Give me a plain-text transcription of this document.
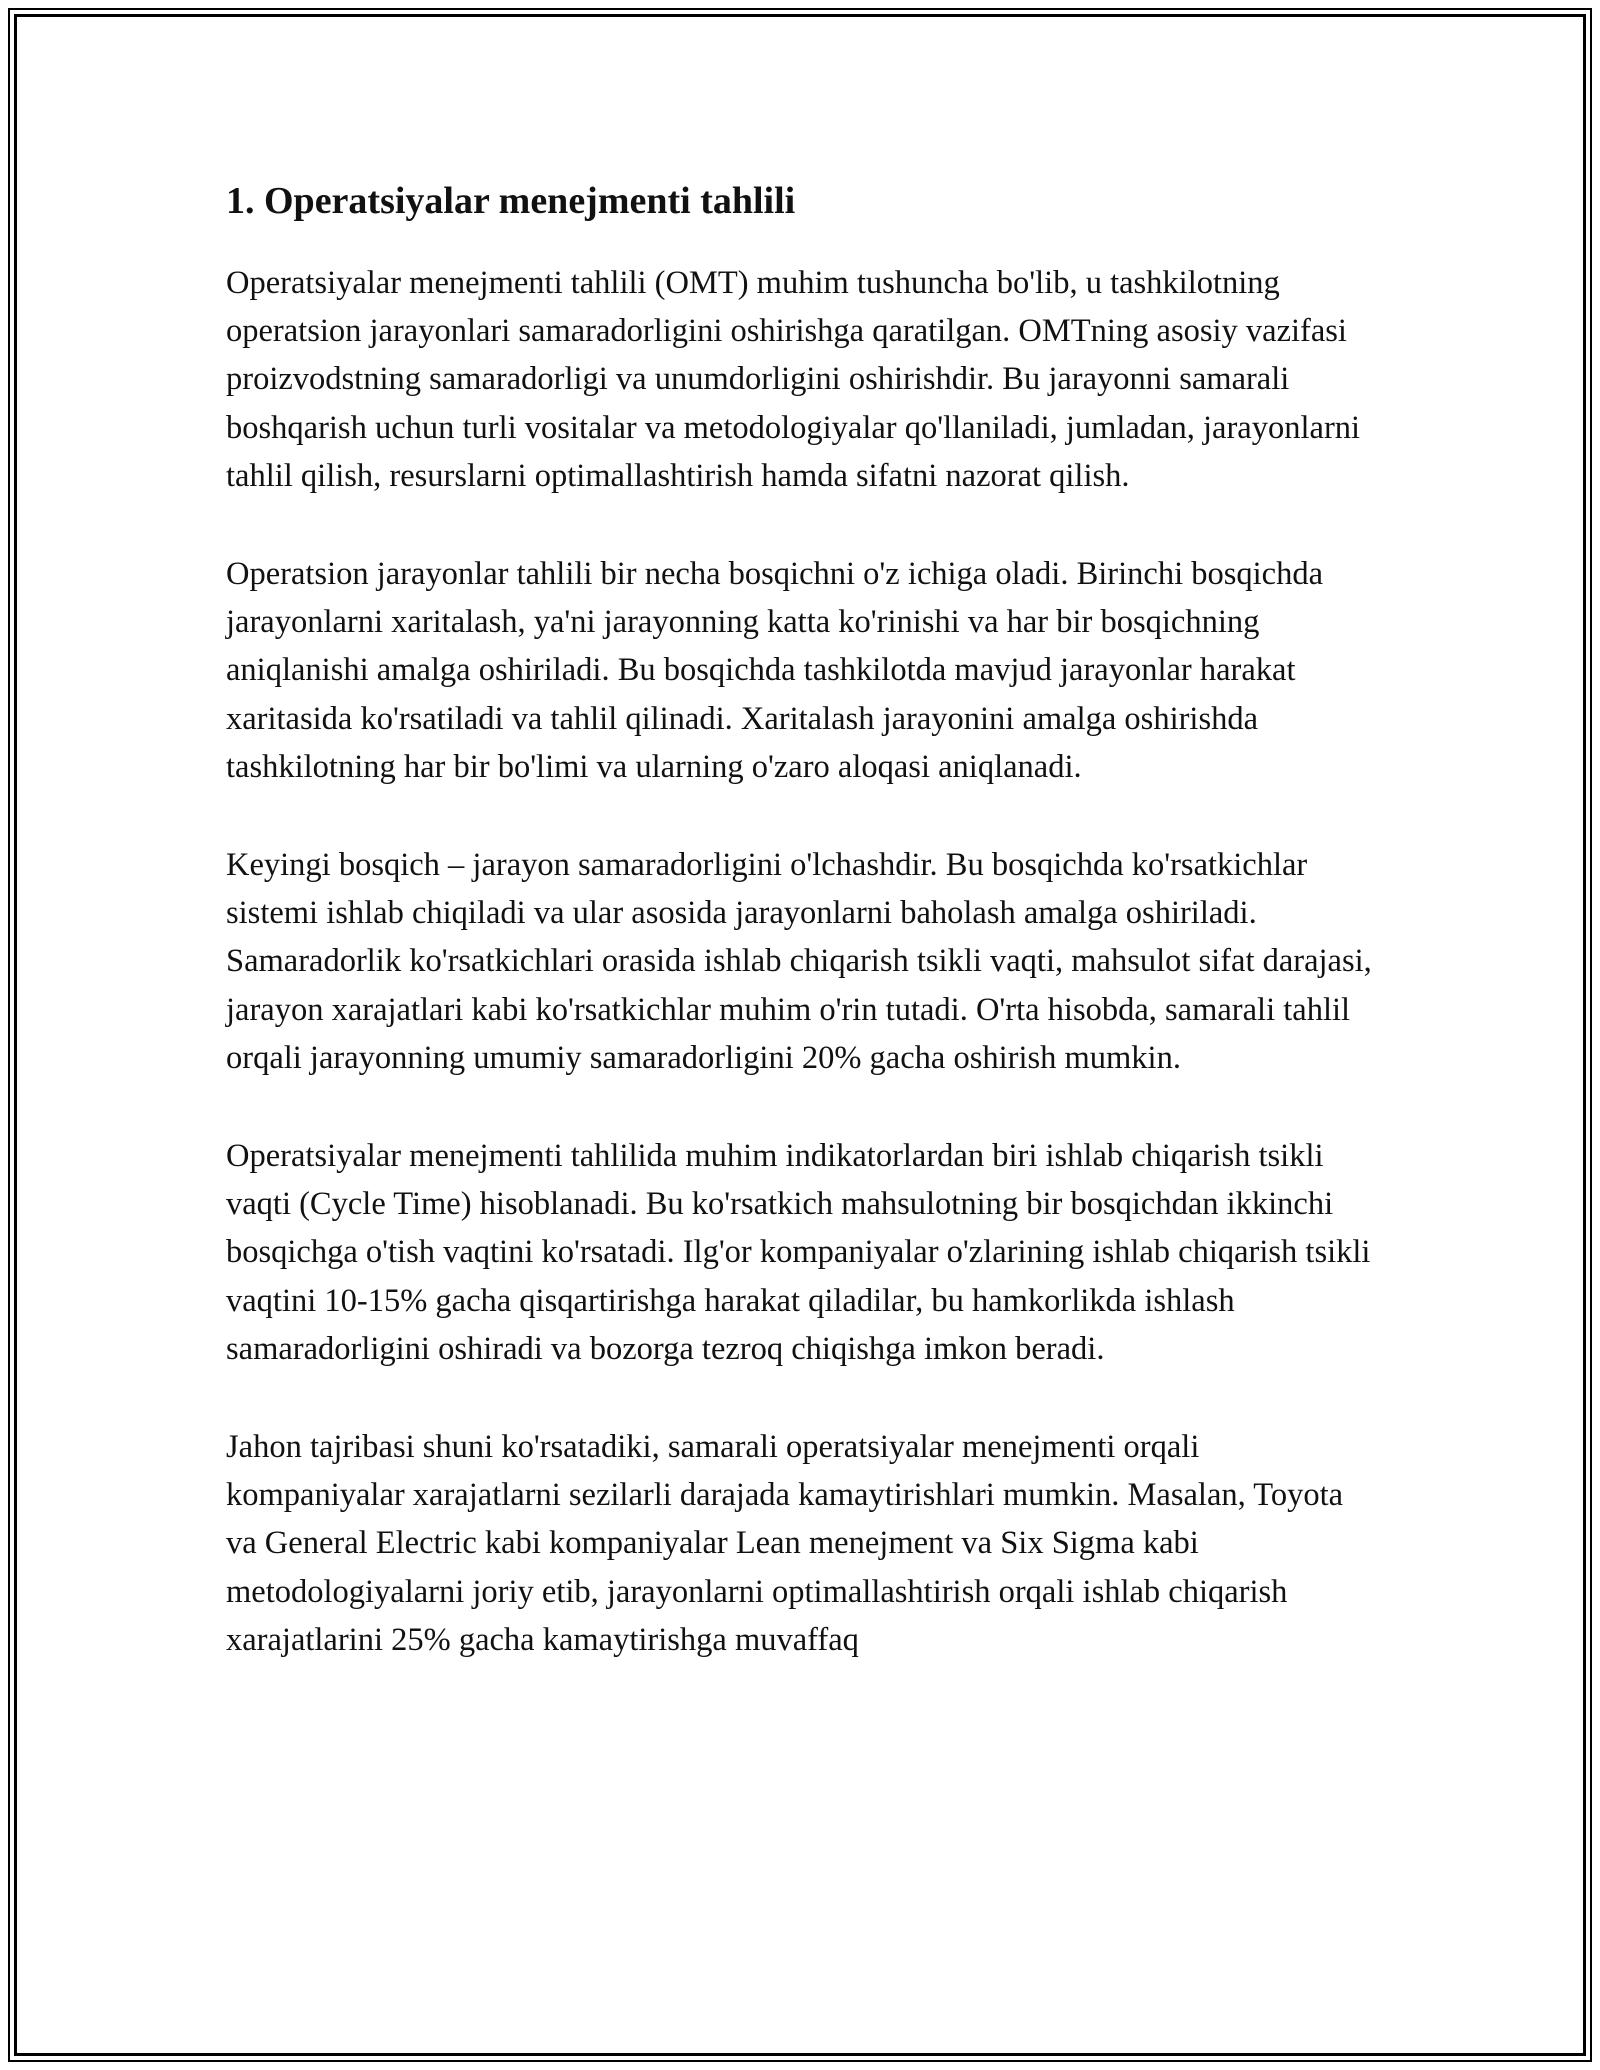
1. Operatsiyalar menejmenti tahlili

Operatsiyalar menejmenti tahlili (OMT) muhim tushuncha bo'lib, u tashkilotning operatsion jarayonlari samaradorligini oshirishga qaratilgan. OMTning asosiy vazifasi proizvodstning samaradorligi va unumdorligini oshirishdir. Bu jarayonni samarali boshqarish uchun turli vositalar va metodologiyalar qo'llaniladi, jumladan, jarayonlarni tahlil qilish, resurslarni optimallashtirish hamda sifatni nazorat qilish.

Operatsion jarayonlar tahlili bir necha bosqichni o'z ichiga oladi. Birinchi bosqichda jarayonlarni xaritalash, ya'ni jarayonning katta ko'rinishi va har bir bosqichning aniqlanishi amalga oshiriladi. Bu bosqichda tashkilotda mavjud jarayonlar harakat xaritasida ko'rsatiladi va tahlil qilinadi. Xaritalash jarayonini amalga oshirishda tashkilotning har bir bo'limi va ularning o'zaro aloqasi aniqlanadi.

Keyingi bosqich – jarayon samaradorligini o'lchashdir. Bu bosqichda ko'rsatkichlar sistemi ishlab chiqiladi va ular asosida jarayonlarni baholash amalga oshiriladi. Samaradorlik ko'rsatkichlari orasida ishlab chiqarish tsikli vaqti, mahsulot sifat darajasi, jarayon xarajatlari kabi ko'rsatkichlar muhim o'rin tutadi. O'rta hisobda, samarali tahlil orqali jarayonning umumiy samaradorligini 20% gacha oshirish mumkin.

Operatsiyalar menejmenti tahlilida muhim indikatorlardan biri ishlab chiqarish tsikli vaqti (Cycle Time) hisoblanadi. Bu ko'rsatkich mahsulotning bir bosqichdan ikkinchi bosqichga o'tish vaqtini ko'rsatadi. Ilg'or kompaniyalar o'zlarining ishlab chiqarish tsikli vaqtini 10-15% gacha qisqartirishga harakat qiladilar, bu hamkorlikda ishlash samaradorligini oshiradi va bozorga tezroq chiqishga imkon beradi.

Jahon tajribasi shuni ko'rsatadiki, samarali operatsiyalar menejmenti orqali kompaniyalar xarajatlarni sezilarli darajada kamaytirishlari mumkin. Masalan, Toyota va General Electric kabi kompaniyalar Lean menejment va Six Sigma kabi metodologiyalarni joriy etib, jarayonlarni optimallashtirish orqali ishlab chiqarish xarajatlarini 25% gacha kamaytirishga muvaffaq
